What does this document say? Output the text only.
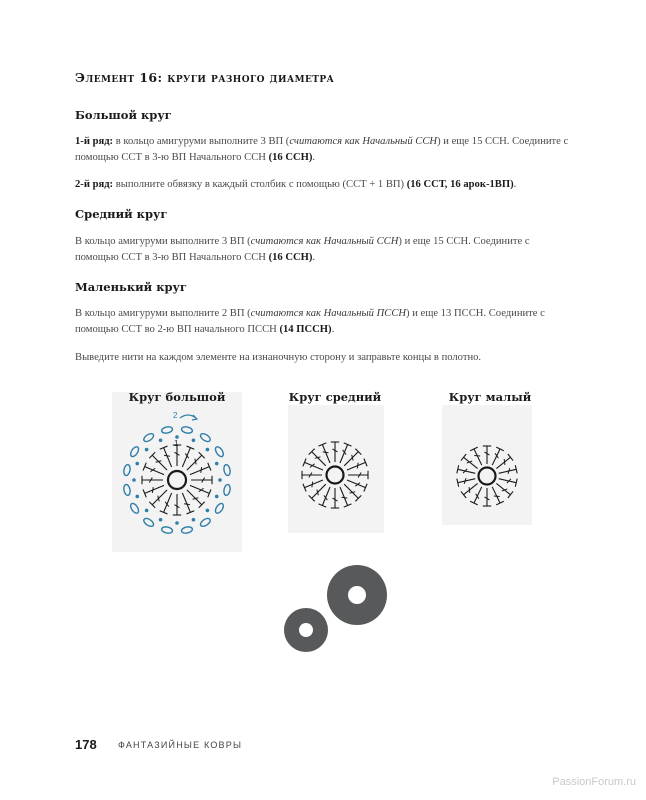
Элемент 16: круги разного диаметра
Большой круг
1-й ряд: в кольцо амигуруми выполните 3 ВП (считаются как Начальный ССН) и еще 15 ССН. Соедините с помощью ССТ в 3-ю ВП Начального ССН (16 ССН).
2-й ряд: выполните обвязку в каждый столбик с помощью (ССТ + 1 ВП) (16 ССТ, 16 арок-1ВП).
Средний круг
В кольцо амигуруми выполните 3 ВП (считаются как Начальный ССН) и еще 15 ССН. Соедините с помощью ССТ в 3-ю ВП Начального ССН (16 ССН).
Маленький круг
В кольцо амигуруми выполните 2 ВП (считаются как Начальный ПССН) и еще 13 ПССН. Соедините с помощью ССТ во 2-ю ВП начального ПССН (14 ПССН).
Выведите нити на каждом элементе на изнаночную сторону и заправьте концы в полотно.
Круг большой	Круг средний	Круг малый
1
2
178 ФАНТАЗИЙНЫЕ КОВРЫ
PassionForum.ru
